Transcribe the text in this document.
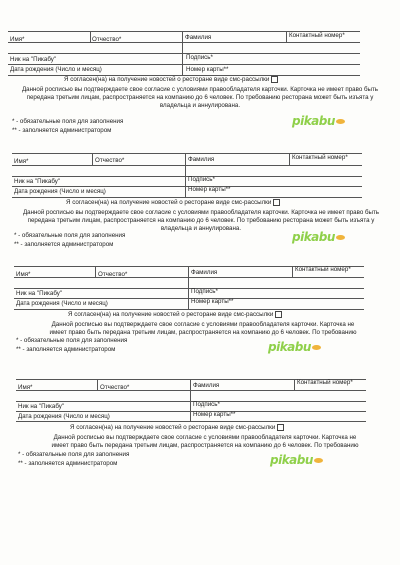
Имя*	Отчество*	Фамилия	Контактный номер*
Ник на "Пикабу"	Подпись*
Дата рождения (Число и месяц)	Номер карты**
Я согласен(на) на получение новостей о ресторане виде смс-рассылки
Данной росписью вы подтверждаете свое согласие с условиями правообладателя карточки. Карточка не имеет право быть передана третьим лицам, распространяется на компанию до 6 человек. По требованию ресторана может быть изъята у владельца и аннулирована.
* - обязательные поля для заполнения
** - заполняется администратором
pikabu
Имя*	Отчество*	Фамилия	Контактный номер*
Ник на "Пикабу"	Подпись*
Дата рождения (Число и месяц)	Номер карты**
Я согласен(на) на получение новостей о ресторане виде смс-рассылки
Данной росписью вы подтверждаете свое согласие с условиями правообладателя карточки. Карточка не имеет право быть передана третьим лицам, распространяется на компанию до 6 человек. По требованию ресторана может быть изъята у владельца и аннулирована.
* - обязательные поля для заполнения
** - заполняется администратором
pikabu
Имя*	Отчество*	Фамилия	Контактный номер*
Ник на "Пикабу"	Подпись*
Дата рождения (Число и месяц)	Номер карты**
Я согласен(на) на получение новостей о ресторане виде смс-рассылки
Данной росписью вы подтверждаете свое согласие с условиями правообладателя карточки. Карточка не
имеет право быть передана третьим лицам, распространяется на компанию до 6 человек. По требованию
* - обязательные поля для заполнения
** - заполняется администратором	pikabu
Имя*	Отчество*	Фамилия	Контактный номер*
Ник на "Пикабу"	Подпись*
Дата рождения (Число и месяц)	Номер карты**
Я согласен(на) на получение новостей о ресторане виде смс-рассылки
Данной росписью вы подтверждаете свое согласие с условиями правообладателя карточки. Карточка не
имеет право быть передана третьим лицам, распространяется на компанию до 6 человек. По требованию
* - обязательные поля для заполнения
** - заполняется администратором	pikabu
